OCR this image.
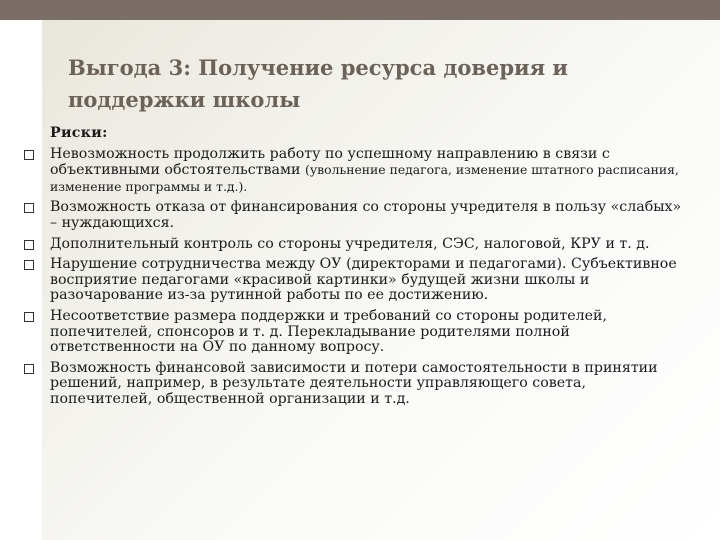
Выгода 3: Получение ресурса доверия и поддержки школы
Риски:
Невозможность продолжить работу по успешному направлению в связи с объективными обстоятельствами (увольнение педагога, изменение штатного расписания, изменение программы и т.д.).
Возможность отказа от финансирования со стороны учредителя в пользу «слабых» – нуждающихся.
Дополнительный контроль со стороны учредителя, СЭС, налоговой, КРУ и т. д.
Нарушение сотрудничества между ОУ (директорами и педагогами). Субъективное восприятие педагогами «красивой картинки» будущей жизни школы и разочарование из-за рутинной работы по ее достижению.
Несоответствие размера поддержки и требований со стороны родителей, попечителей, спонсоров и т. д. Перекладывание родителями полной ответственности на ОУ по данному вопросу.
Возможность финансовой зависимости и потери самостоятельности в принятии решений, например, в результате деятельности управляющего совета, попечителей, общественной организации и т.д.
